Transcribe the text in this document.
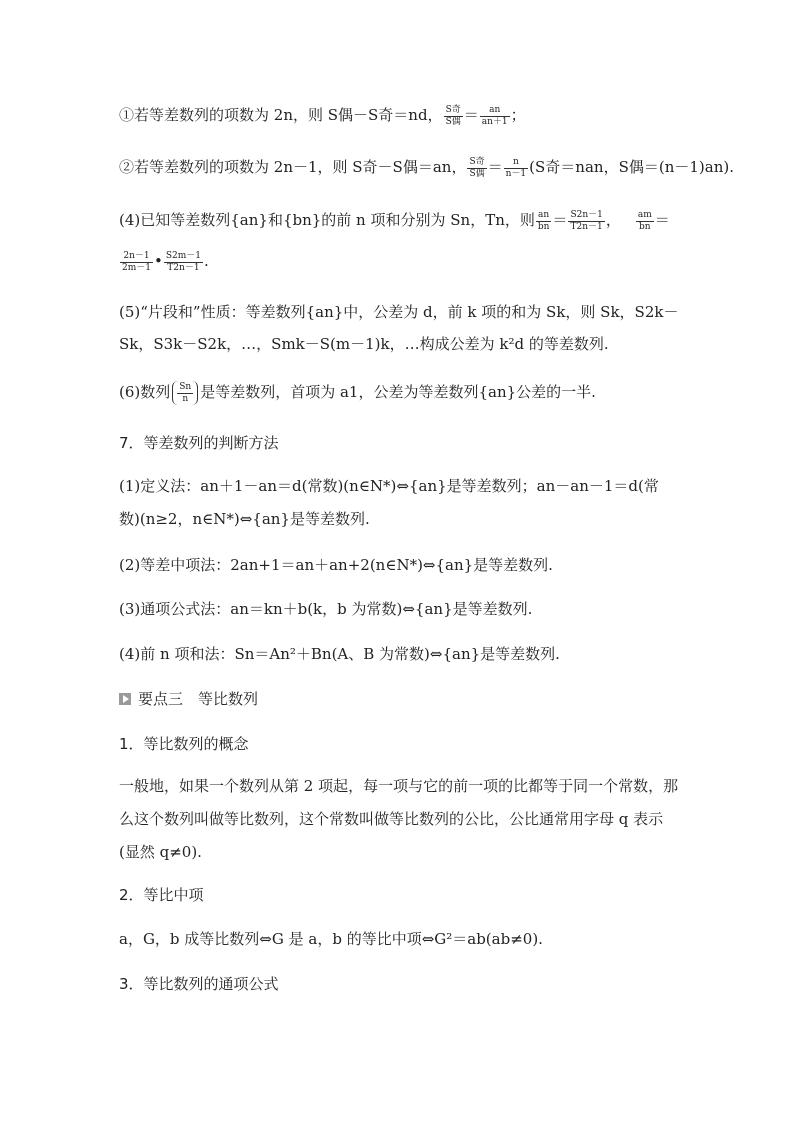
①若等差数列的项数为 2n，则 S偶－S奇＝nd， $\frac{\text{S奇}}{\text{S偶}} = \frac{an}{an+1}$ ；
②若等差数列的项数为 2n－1，则 S奇－S偶＝an， $\frac{\text{S奇}}{\text{S偶}} = \frac{n}{n-1} (S$奇＝nan，S偶＝(n－1)an).
(4)已知等差数列{an}和{bn}的前 n 项和分别为 Sn，Tn，则 $\frac{an}{bn} = \frac{S2n-1}{T2n-1}$ ， $\frac{am}{bn}$ ＝
$\frac{2n-1}{2m-1}$ • $\frac{S2m-1}{T2n-1}$ .
(5)“片段和”性质：等差数列{an}中，公差为 d，前 k 项的和为 Sk，则 Sk，S2k－
Sk，S3k－S2k，…，Smk－S(m－1)k，…构成公差为 k²d 的等差数列.
(6)数列 $\frac{Sn}{n}$ 是等差数列，首项为 a1，公差为等差数列{an}公差的一半.
7．等差数列的判断方法
(1)定义法：an＋1－an＝d(常数)(n∈N*)⇔{an}是等差数列；an－an－1＝d(常数)(n≥2，n∈N*)⇔{an}是等差数列.
(2)等差中项法：2an+1＝an＋an+2(n∈N*)⇔{an}是等差数列.
(3)通项公式法：an＝kn＋b(k，b 为常数)⇔{an}是等差数列.
(4)前 n 项和法：Sn＝An²＋Bn(A、B 为常数)⇔{an}是等差数列.
要点三　等比数列
1．等比数列的概念
一般地，如果一个数列从第 2 项起，每一项与它的前一项的比都等于同一个常数，那么这个数列叫做等比数列，这个常数叫做等比数列的公比，公比通常用字母 q 表示(显然 q≠0).
2．等比中项
a，G，b 成等比数列⇔G 是 a，b 的等比中项⇔G²＝ab(ab≠0).
3．等比数列的通项公式
